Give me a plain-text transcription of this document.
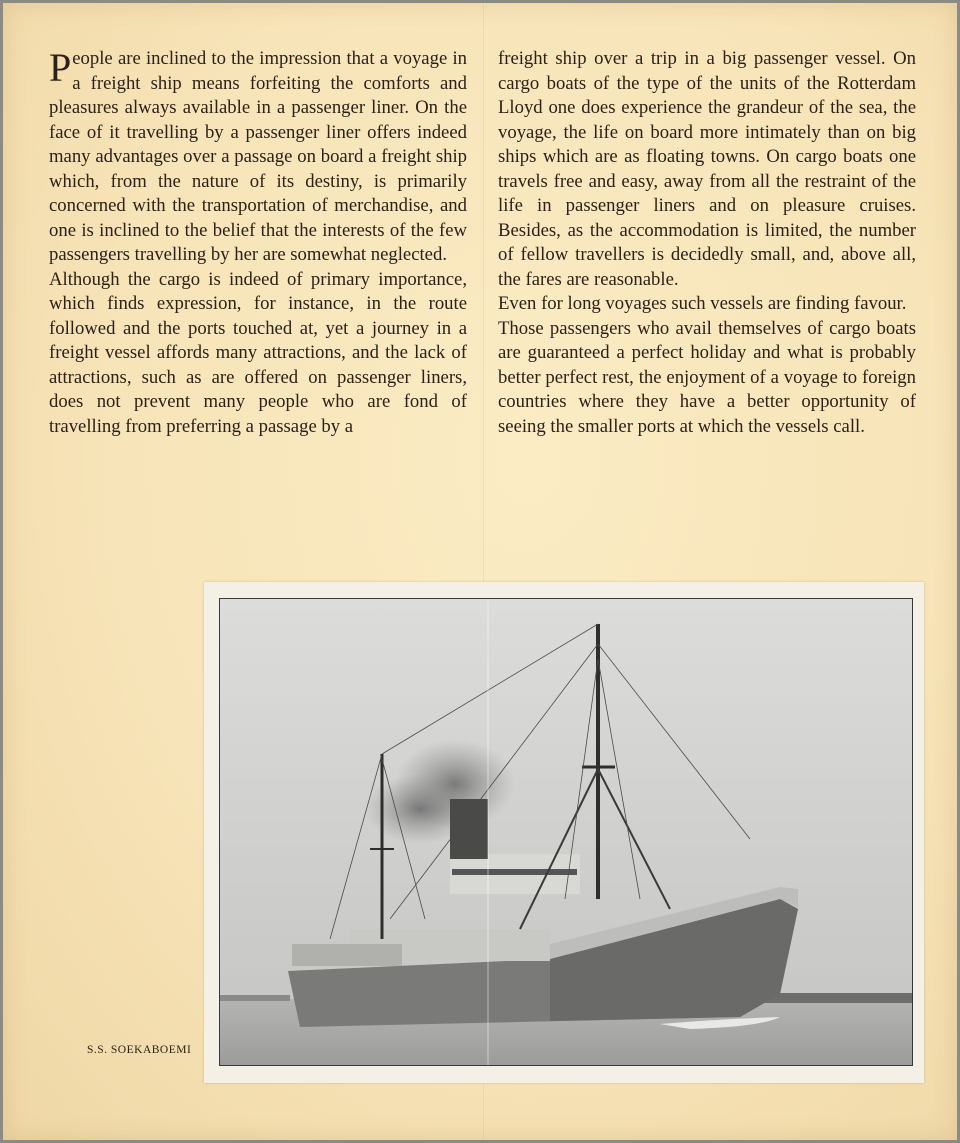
People are inclined to the impression that a voyage in a freight ship means forfeiting the comforts and pleasures always available in a passenger liner. On the face of it travelling by a passenger liner offers indeed many advantages over a passage on board a freight ship which, from the nature of its destiny, is primarily concerned with the transportation of merchandise, and one is inclined to the belief that the interests of the few passengers travelling by her are somewhat neglected.

Although the cargo is indeed of primary importance, which finds expression, for instance, in the route followed and the ports touched at, yet a journey in a freight vessel affords many attractions, and the lack of attractions, such as are offered on passenger liners, does not prevent many people who are fond of travelling from preferring a passage by a

freight ship over a trip in a big passenger vessel. On cargo boats of the type of the units of the Rotterdam Lloyd one does experience the grandeur of the sea, the voyage, the life on board more intimately than on big ships which are as floating towns. On cargo boats one travels free and easy, away from all the restraint of the life in passenger liners and on pleasure cruises. Besides, as the accommodation is limited, the number of fellow travellers is decidedly small, and, above all, the fares are reasonable.

Even for long voyages such vessels are finding favour.

Those passengers who avail themselves of cargo boats are guaranteed a perfect holiday and what is probably better perfect rest, the enjoyment of a voyage to foreign countries where they have a better opportunity of seeing the smaller ports at which the vessels call.

S.S. SOEKABOEMI
